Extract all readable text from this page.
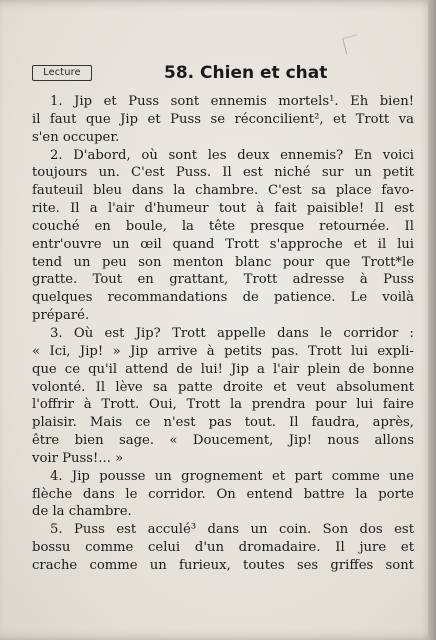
Lecture	58. Chien et chat
1. Jip et Puss sont ennemis mortels¹. Eh bien!
il faut que Jip et Puss se réconcilient², et Trott va
s'en occuper.
2. D'abord, où sont les deux ennemis? En voici
toujours un. C'est Puss. Il est niché sur un petit
fauteuil bleu dans la chambre. C'est sa place favo-
rite. Il a l'air d'humeur tout à fait paisible! Il est
couché en boule, la tête presque retournée. Il
entr'ouvre un œil quand Trott s'approche et il lui
tend un peu son menton blanc pour que Trott*le
gratte. Tout en grattant, Trott adresse à Puss
quelques recommandations de patience. Le voilà
préparé.
3. Où est Jip? Trott appelle dans le corridor :
« Ici, Jip! » Jip arrive à petits pas. Trott lui expli-
que ce qu'il attend de lui! Jip a l'air plein de bonne
volonté. Il lève sa patte droite et veut absolument
l'offrir à Trott. Oui, Trott la prendra pour lui faire
plaisir. Mais ce n'est pas tout. Il faudra, après,
être bien sage. « Doucement, Jip! nous allons
voir Puss!... »
4. Jip pousse un grognement et part comme une
flèche dans le corridor. On entend battre la porte
de la chambre.
5. Puss est acculé³ dans un coin. Son dos est
bossu comme celui d'un dromadaire. Il jure et
crache comme un furieux, toutes ses griffes sont
